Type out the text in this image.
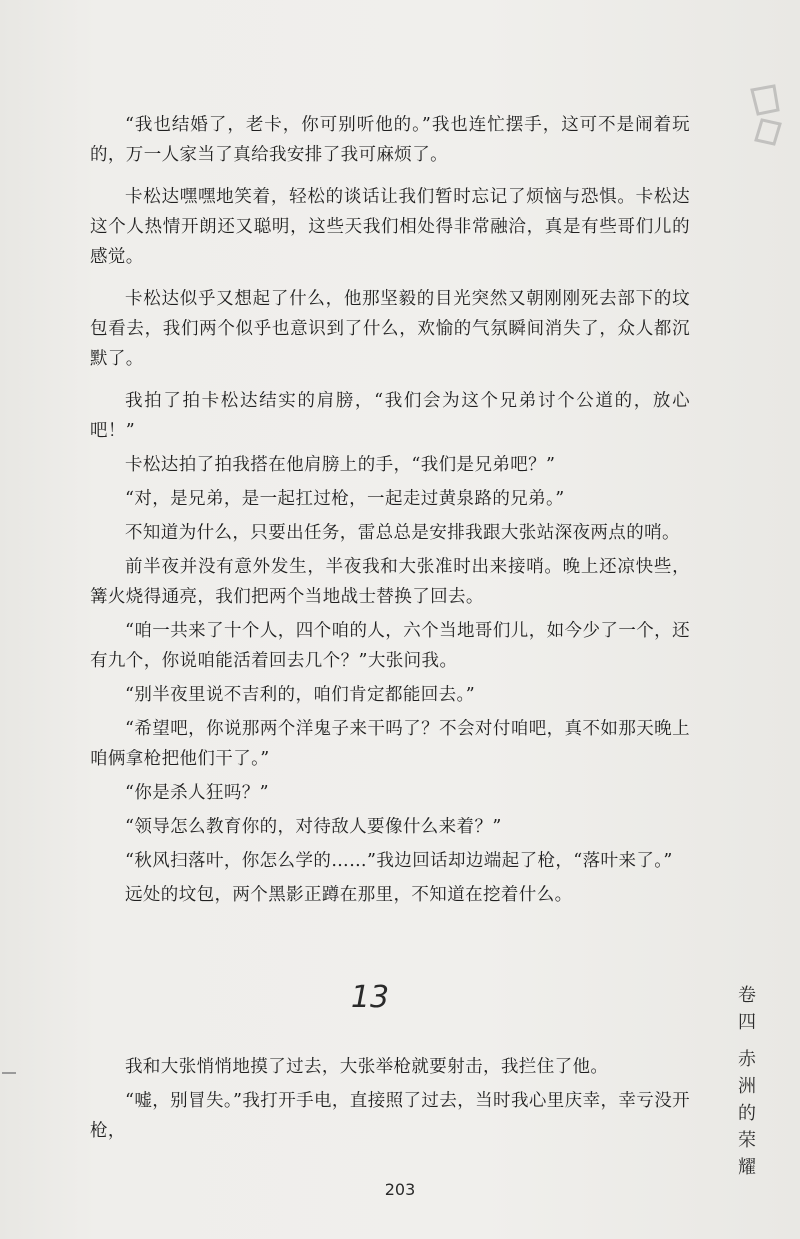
“我也结婚了，老卡，你可别听他的。”我也连忙摆手，这可不是闹着玩的，万一人家当了真给我安排了我可麻烦了。

卡松达嘿嘿地笑着，轻松的谈话让我们暂时忘记了烦恼与恐惧。卡松达这个人热情开朗还又聪明，这些天我们相处得非常融洽，真是有些哥们儿的感觉。

卡松达似乎又想起了什么，他那坚毅的目光突然又朝刚刚死去部下的坟包看去，我们两个似乎也意识到了什么，欢愉的气氛瞬间消失了，众人都沉默了。

我拍了拍卡松达结实的肩膀，“我们会为这个兄弟讨个公道的，放心吧！”

卡松达拍了拍我搭在他肩膀上的手，“我们是兄弟吧？”

“对，是兄弟，是一起扛过枪，一起走过黄泉路的兄弟。”

不知道为什么，只要出任务，雷总总是安排我跟大张站深夜两点的哨。

前半夜并没有意外发生，半夜我和大张准时出来接哨。晚上还凉快些，篝火烧得通亮，我们把两个当地战士替换了回去。

“咱一共来了十个人，四个咱的人，六个当地哥们儿，如今少了一个，还有九个，你说咱能活着回去几个？”大张问我。

“别半夜里说不吉利的，咱们肯定都能回去。”

“希望吧，你说那两个洋鬼子来干吗了？不会对付咱吧，真不如那天晚上咱俩拿枪把他们干了。”

“你是杀人狂吗？”

“领导怎么教育你的，对待敌人要像什么来着？”

“秋风扫落叶，你怎么学的……”我边回话却边端起了枪，“落叶来了。”

远处的坟包，两个黑影正蹲在那里，不知道在挖着什么。

13

我和大张悄悄地摸了过去，大张举枪就要射击，我拦住了他。

“嘘，别冒失。”我打开手电，直接照了过去，当时我心里庆幸，幸亏没开枪，

卷
四
赤
洲
的
荣
耀
203
